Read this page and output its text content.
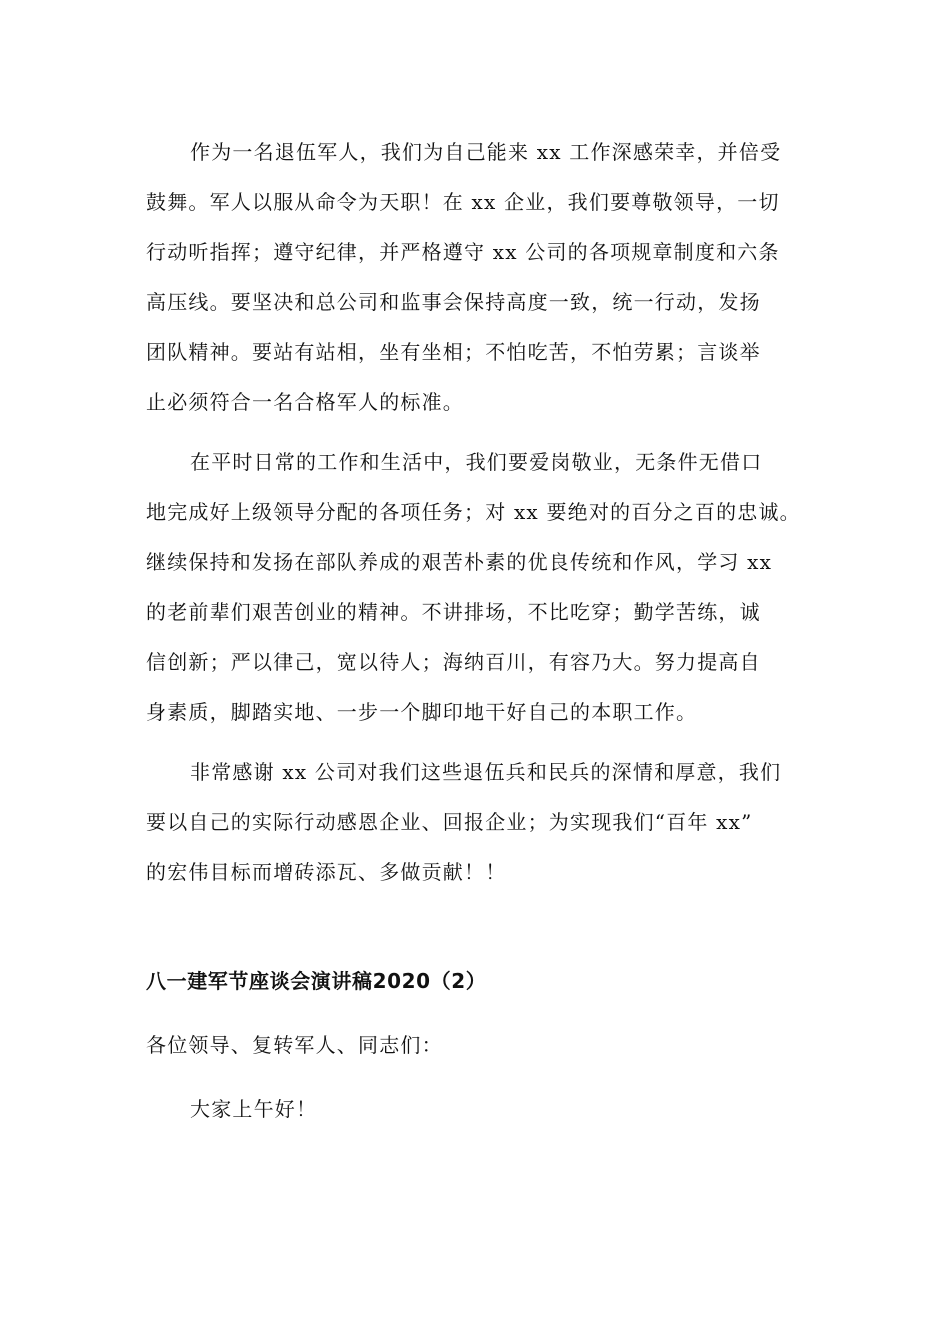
作为一名退伍军人，我们为自己能来 xx 工作深感荣幸，并倍受
鼓舞。军人以服从命令为天职！在 xx 企业，我们要尊敬领导，一切
行动听指挥；遵守纪律，并严格遵守 xx 公司的各项规章制度和六条
高压线。要坚决和总公司和监事会保持高度一致，统一行动，发扬
团队精神。要站有站相，坐有坐相；不怕吃苦，不怕劳累；言谈举
止必须符合一名合格军人的标准。
在平时日常的工作和生活中，我们要爱岗敬业，无条件无借口
地完成好上级领导分配的各项任务；对 xx 要绝对的百分之百的忠诚。
继续保持和发扬在部队养成的艰苦朴素的优良传统和作风，学习 xx
的老前辈们艰苦创业的精神。不讲排场，不比吃穿；勤学苦练，诚
信创新；严以律己，宽以待人；海纳百川，有容乃大。努力提高自
身素质，脚踏实地、一步一个脚印地干好自己的本职工作。
非常感谢 xx 公司对我们这些退伍兵和民兵的深情和厚意，我们
要以自己的实际行动感恩企业、回报企业；为实现我们“百年 xx”
的宏伟目标而增砖添瓦、多做贡献！！
八一建军节座谈会演讲稿2020（2）

各位领导、复转军人、同志们：

大家上午好！
